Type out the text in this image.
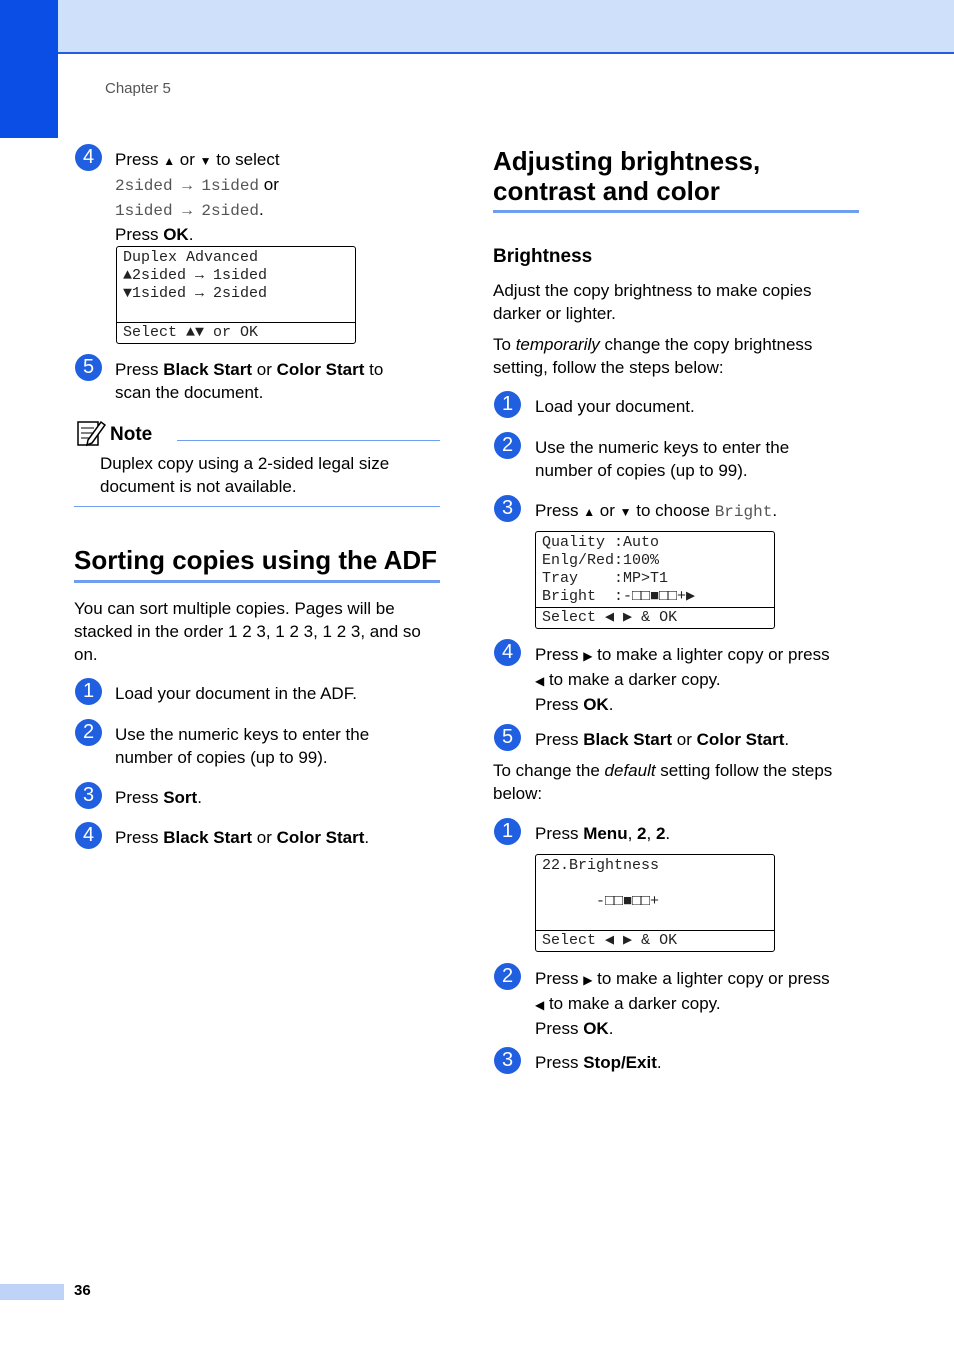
Chapter 5
4	Press ▲ or ▼ to select
2sided → 1sided or
1sided → 2sided.
Press OK.
Duplex Advanced
▲2sided → 1sided
▼1sided → 2sided
Select ▲▼ or OK
5	Press Black Start or Color Start to
scan the document.
Note
Duplex copy using a 2-sided legal size
document is not available.
Sorting copies using the ADF
You can sort multiple copies. Pages will be
stacked in the order 1 2 3, 1 2 3, 1 2 3, and so
on.
1	Load your document in the ADF.
2	Use the numeric keys to enter the
number of copies (up to 99).
3	Press Sort.
4	Press Black Start or Color Start.
Adjusting brightness,
contrast and color
Brightness
Adjust the copy brightness to make copies
darker or lighter.
To temporarily change the copy brightness
setting, follow the steps below:
1	Load your document.
2	Use the numeric keys to enter the
number of copies (up to 99).
3	Press ▲ or ▼ to choose Bright.
Quality :Auto
Enlg/Red:100%
Tray    :MP>T1
Bright  :-□□■□□+▶
Select ◀ ▶ & OK
4	Press ▶ to make a lighter copy or press
◀ to make a darker copy.
Press OK.
5	Press Black Start or Color Start.
To change the default setting follow the steps
below:
1	Press Menu, 2, 2.
22.Brightness
-□□■□□+
Select ◀ ▶ & OK
2	Press ▶ to make a lighter copy or press
◀ to make a darker copy.
Press OK.
3	Press Stop/Exit.
36
